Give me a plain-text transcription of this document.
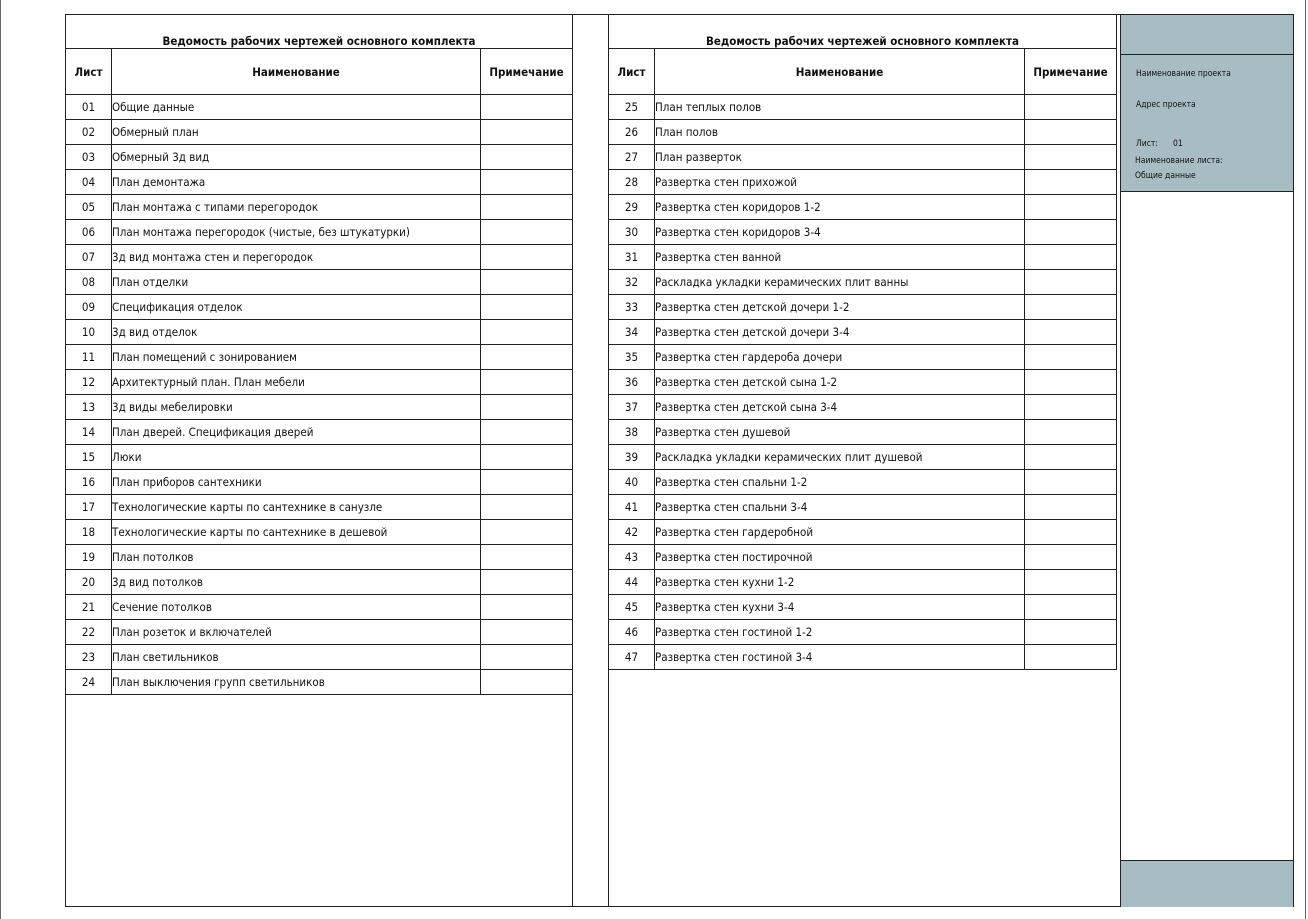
Ведомость рабочих чертежей основного комплекта		
Лист	Наименование	Примечание
01	Общие данные	
02	Обмерный план	
03	Обмерный 3д вид	
04	План демонтажа	
05	План монтажа с типами перегородок	
06	План монтажа перегородок (чистые, без штукатурки)	
07	3д вид монтажа стен и перегородок	
08	План отделки	
09	Спецификация отделок	
10	3д вид отделок	
11	План помещений с зонированием	
12	Архитектурный план. План мебели	
13	3д виды мебелировки	
14	План дверей. Спецификация дверей	
15	Люки	
16	План приборов сантехники	
17	Технологические карты по сантехнике в санузле	
18	Технологические карты по сантехнике в дешевой	
19	План потолков	
20	3д вид потолков	
21	Сечение потолков	
22	План розеток и включателей	
23	План светильников	
24	План выключения групп светильников	
Ведомость рабочих чертежей основного комплекта		
Лист	Наименование	Примечание
25	План теплых полов	
26	План полов	
27	План разверток	
28	Развертка стен прихожой	
29	Развертка стен коридоров 1-2	
30	Развертка стен коридоров 3-4	
31	Развертка стен ванной	
32	Раскладка укладки керамических плит ванны	
33	Развертка стен детской дочери 1-2	
34	Развертка стен детской дочери 3-4	
35	Развертка стен гардероба дочери	
36	Развертка стен детской сына 1-2	
37	Развертка стен детской сына 3-4	
38	Развертка стен душевой	
39	Раскладка укладки керамических плит душевой	
40	Развертка стен спальни 1-2	
41	Развертка стен спальни 3-4	
42	Развертка стен гардеробной	
43	Развертка стен постирочной	
44	Развертка стен кухни 1-2	
45	Развертка стен кухни 3-4	
46	Развертка стен гостиной 1-2	
47	Развертка стен гостиной 3-4	
Наименование проекта
Адрес проекта
Лист: 01
Наименование листа:
Общие данные
